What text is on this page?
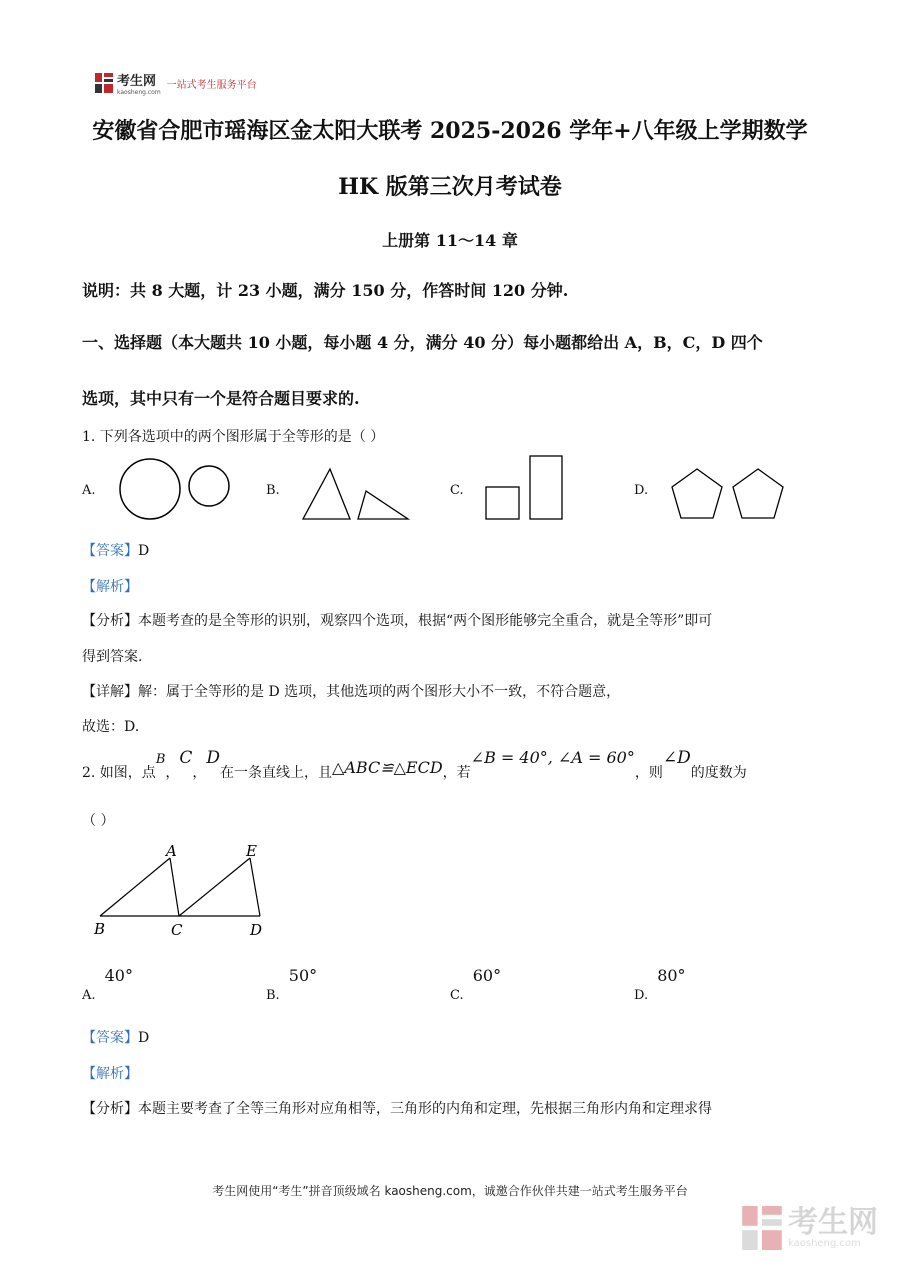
考生网
kaosheng.com
一站式考生服务平台
安徽省合肥市瑶海区金太阳大联考 2025-2026 学年+八年级上学期数学
HK 版第三次月考试卷
上册第 11～14 章
说明：共 8 大题，计 23 小题，满分 150 分，作答时间 120 分钟.
一、选择题（本大题共 10 小题，每小题 4 分，满分 40 分）每小题都给出 A，B，C，D 四个
选项，其中只有一个是符合题目要求的.
1. 下列各选项中的两个图形属于全等形的是（ ）
A.	B.	C.	D.
【答案】D
【解析】
【分析】本题考查的是全等形的识别，观察四个选项，根据“两个图形能够完全重合，就是全等形”即可
得到答案.
【详解】解：属于全等形的是 D 选项，其他选项的两个图形大小不一致，不符合题意，
故选：D.
2. 如图，点B，C，D在一条直线上，且△ABC≌△ECD，若∠B = 40°, ∠A = 60°，则∠D的度数为
（ ）
A	E
B	C	D
$_{A.}$ 40°
$_{B.}$ 50°
$_{C.}$ 60°
$_{D.}$ 80°
【答案】D
【解析】
【分析】本题主要考查了全等三角形对应角相等，三角形的内角和定理，先根据三角形内角和定理求得
考生网使用“考生”拼音顶级域名 kaosheng.com，诚邀合作伙伴共建一站式考生服务平台
考生网
kaosheng.com
